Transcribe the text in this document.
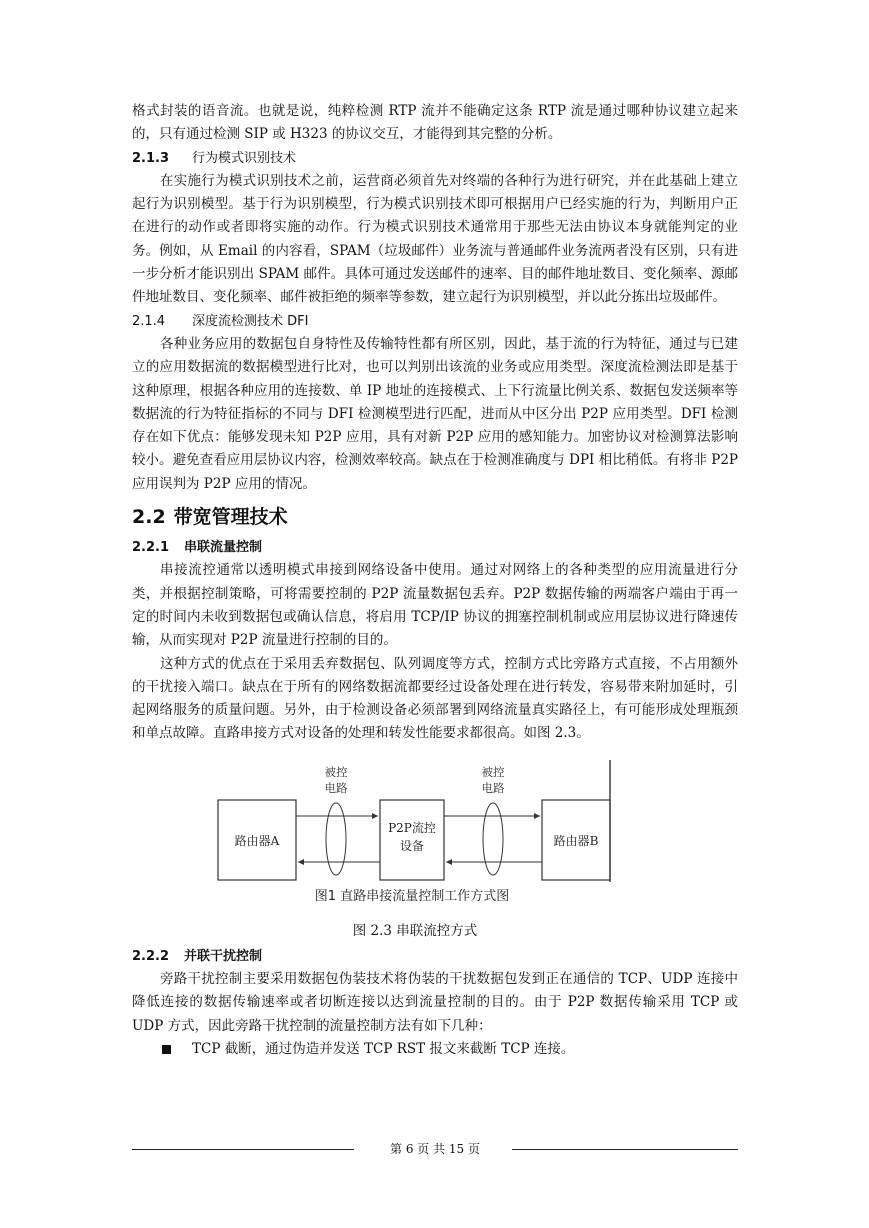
格式封装的语音流。也就是说，纯粹检测 RTP 流并不能确定这条 RTP 流是通过哪种协议建立起来的，只有通过检测 SIP 或 H323 的协议交互，才能得到其完整的分析。

2.1.3 行为模式识别技术

在实施行为模式识别技术之前，运营商必须首先对终端的各种行为进行研究，并在此基础上建立起行为识别模型。基于行为识别模型，行为模式识别技术即可根据用户已经实施的行为，判断用户正在进行的动作或者即将实施的动作。行为模式识别技术通常用于那些无法由协议本身就能判定的业务。例如，从 Email 的内容看，SPAM（垃圾邮件）业务流与普通邮件业务流两者没有区别，只有进一步分析才能识别出 SPAM 邮件。具体可通过发送邮件的速率、目的邮件地址数目、变化频率、源邮件地址数目、变化频率、邮件被拒绝的频率等参数，建立起行为识别模型，并以此分拣出垃圾邮件。

2.1.4 深度流检测技术 DFI

各种业务应用的数据包自身特性及传输特性都有所区别，因此，基于流的行为特征，通过与已建立的应用数据流的数据模型进行比对，也可以判别出该流的业务或应用类型。深度流检测法即是基于这种原理，根据各种应用的连接数、单 IP 地址的连接模式、上下行流量比例关系、数据包发送频率等数据流的行为特征指标的不同与 DFI 检测模型进行匹配，进而从中区分出 P2P 应用类型。DFI 检测存在如下优点：能够发现未知 P2P 应用，具有对新 P2P 应用的感知能力。加密协议对检测算法影响较小。避免查看应用层协议内容，检测效率较高。缺点在于检测准确度与 DPI 相比稍低。有将非 P2P 应用误判为 P2P 应用的情况。

2.2 带宽管理技术
2.2.1 串联流量控制

串接流控通常以透明模式串接到网络设备中使用。通过对网络上的各种类型的应用流量进行分类，并根据控制策略，可将需要控制的 P2P 流量数据包丢弃。P2P 数据传输的两端客户端由于再一定的时间内未收到数据包或确认信息，将启用 TCP/IP 协议的拥塞控制机制或应用层协议进行降速传输，从而实现对 P2P 流量进行控制的目的。

这种方式的优点在于采用丢弃数据包、队列调度等方式，控制方式比旁路方式直接，不占用额外的干扰接入端口。缺点在于所有的网络数据流都要经过设备处理在进行转发，容易带来附加延时，引起网络服务的质量问题。另外，由于检测设备必须部署到网络流量真实路径上，有可能形成处理瓶颈和单点故障。直路串接方式对设备的处理和转发性能要求都很高。如图 2.3。

路由器A
P2P流控
设备	路由器B
被控
电路
被控
电路
图1 直路串接流量控制工作方式图

图 2.3 串联流控方式

2.2.2 并联干扰控制

旁路干扰控制主要采用数据包伪装技术将伪装的干扰数据包发到正在通信的 TCP、UDP 连接中降低连接的数据传输速率或者切断连接以达到流量控制的目的。由于 P2P 数据传输采用 TCP 或 UDP 方式，因此旁路干扰控制的流量控制方法有如下几种：

TCP 截断，通过伪造并发送 TCP RST 报文来截断 TCP 连接。
第 6 页 共 15 页
